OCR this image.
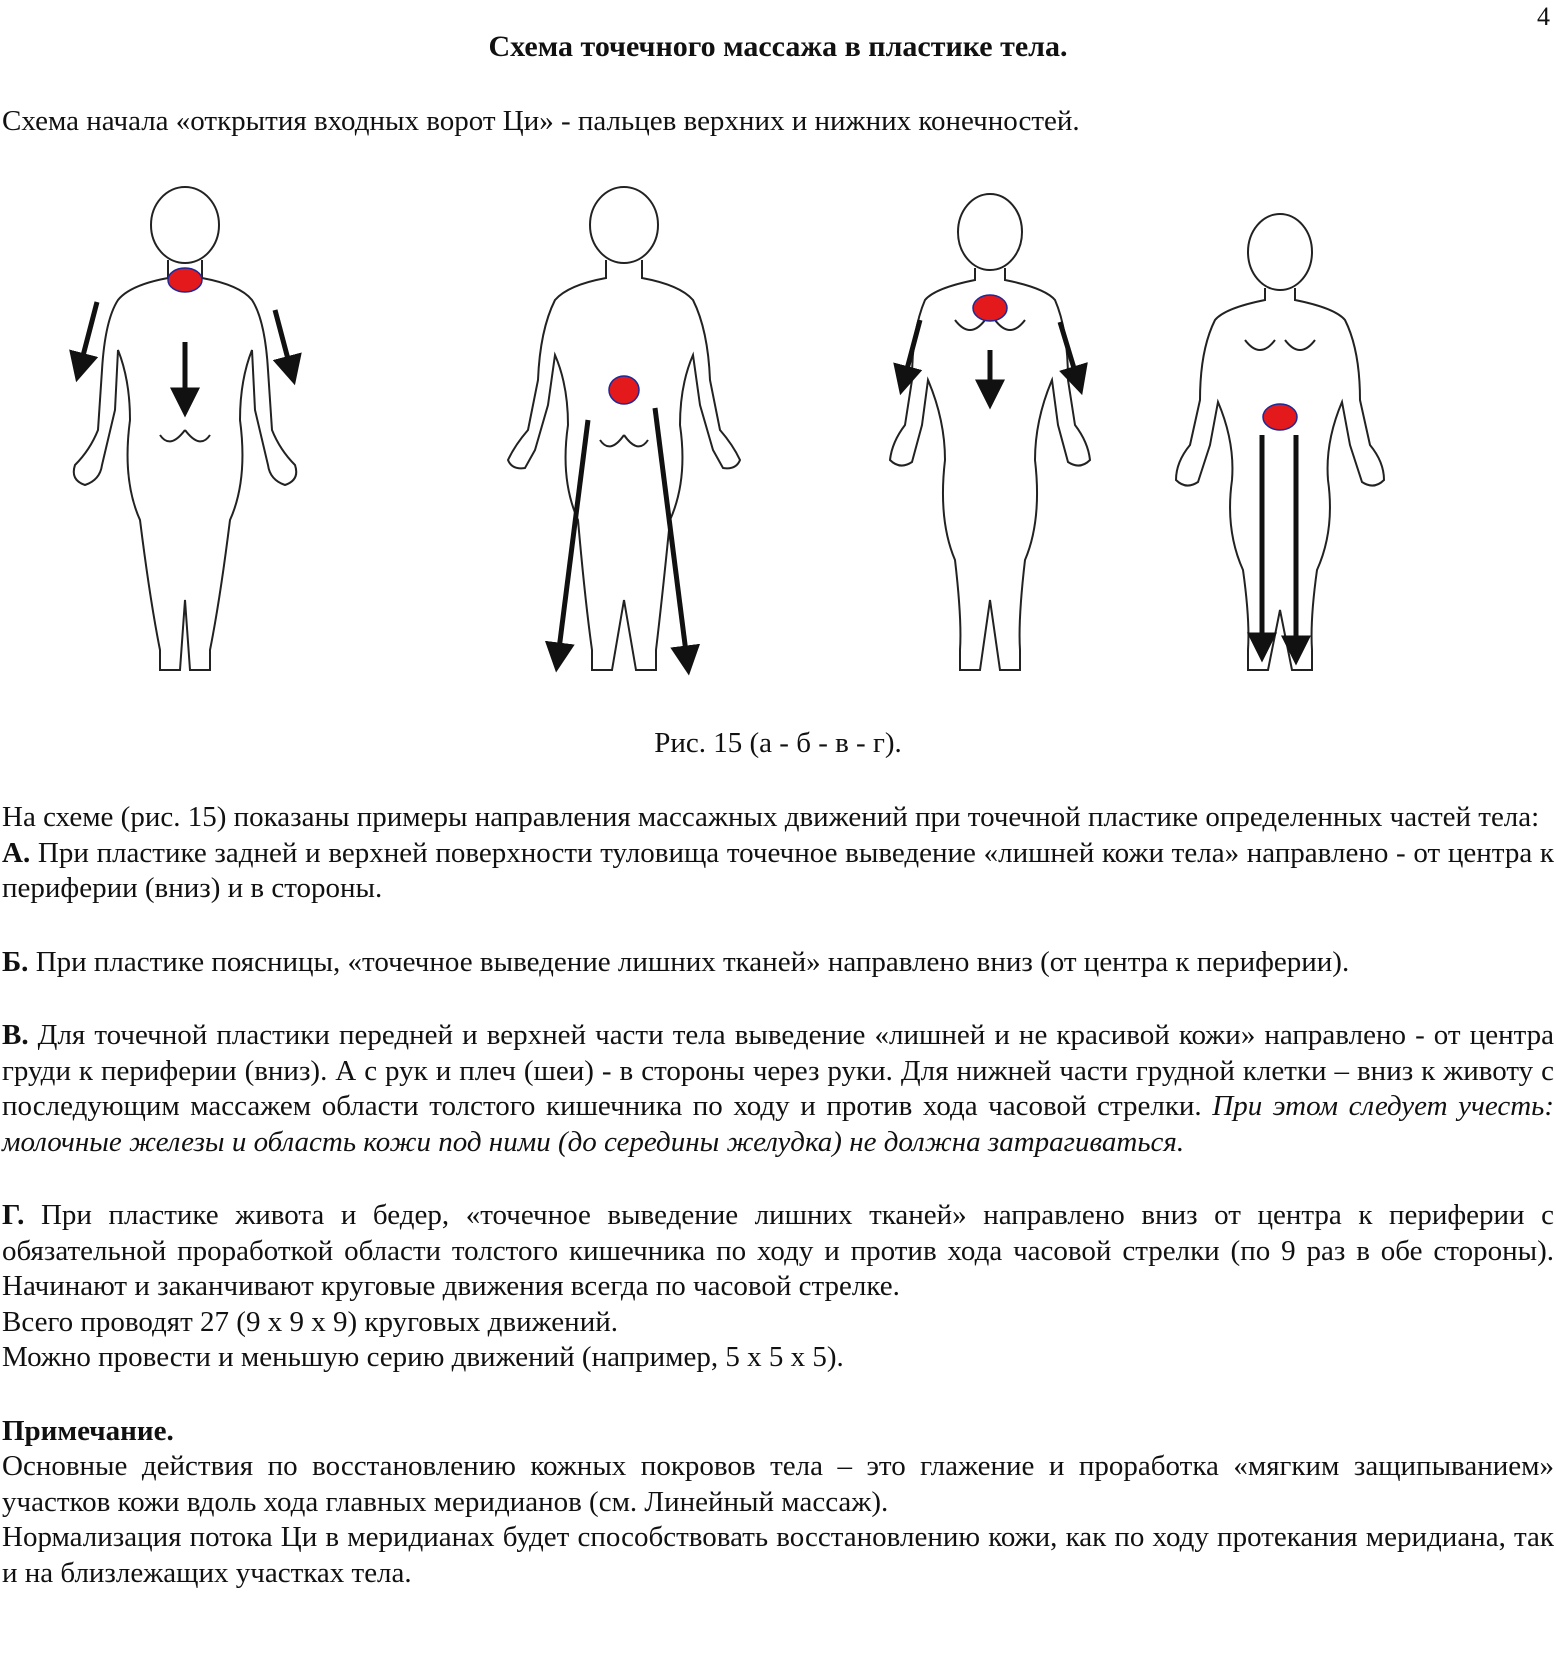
4
Схема точечного массажа в пластике тела.
Схема начала «открытия входных ворот Ци» - пальцев верхних и нижних конечностей.
Рис. 15 (а - б - в - г).

На схеме (рис. 15) показаны примеры направления массажных движений при точечной пластике определенных частей тела:

А. При пластике задней и верхней поверхности туловища точечное выведение «лишней кожи тела» направлено - от центра к периферии (вниз) и в стороны.

Б. При пластике поясницы, «точечное выведение лишних тканей» направлено вниз (от центра к периферии).

В. Для точечной пластики передней и верхней части тела выведение «лишней и не красивой кожи» направлено - от центра груди к периферии (вниз). А с рук и плеч (шеи) - в стороны через руки. Для нижней части грудной клетки – вниз к животу с последующим массажем области толстого кишечника по ходу и против хода часовой стрелки. При этом следует учесть: молочные железы и область кожи под ними (до середины желудка) не должна затрагиваться.

Г. При пластике живота и бедер, «точечное выведение лишних тканей» направлено вниз от центра к периферии с обязательной проработкой области толстого кишечника по ходу и против хода часовой стрелки (по 9 раз в обе стороны). Начинают и заканчивают круговые движения всегда по часовой стрелке.

Всего проводят 27 (9 х 9 х 9) круговых движений.

Можно провести и меньшую серию движений (например, 5 х 5 х 5).

Примечание.

Основные действия по восстановлению кожных покровов тела – это глажение и проработка «мягким защипыванием» участков кожи вдоль хода главных меридианов (см. Линейный массаж).

Нормализация потока Ци в меридианах будет способствовать восстановлению кожи, как по ходу протекания меридиана, так и на близлежащих участках тела.
